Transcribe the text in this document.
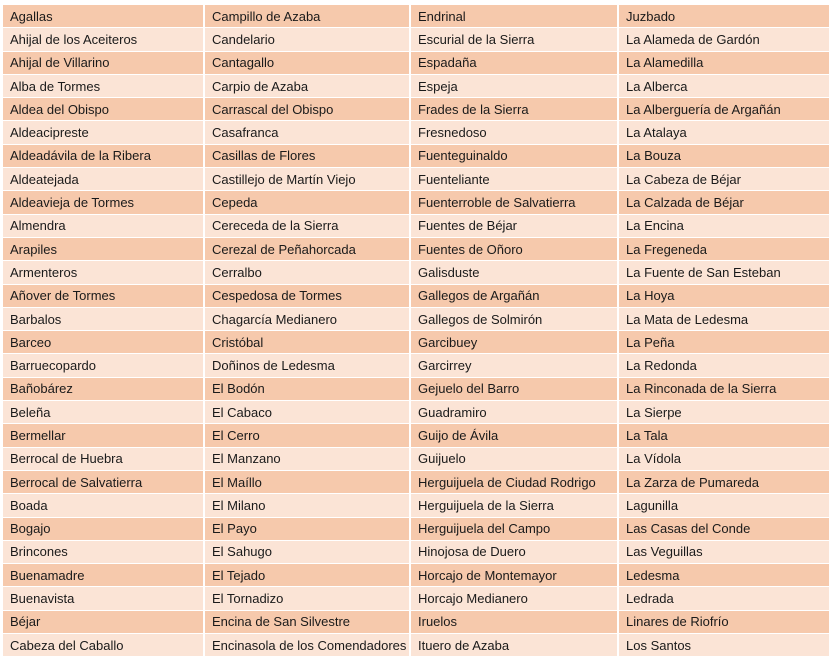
Agallas	Campillo de Azaba	Endrinal	Juzbado
Ahijal de los Aceiteros	Candelario	Escurial de la Sierra	La Alameda de Gardón
Ahijal de Villarino	Cantagallo	Espadaña	La Alamedilla
Alba de Tormes	Carpio de Azaba	Espeja	La Alberca
Aldea del Obispo	Carrascal del Obispo	Frades de la Sierra	La Alberguería de Argañán
Aldeacipreste	Casafranca	Fresnedoso	La Atalaya
Aldeadávila de la Ribera	Casillas de Flores	Fuenteguinaldo	La Bouza
Aldeatejada	Castillejo de Martín Viejo	Fuenteliante	La Cabeza de Béjar
Aldeavieja de Tormes	Cepeda	Fuenterroble de Salvatierra	La Calzada de Béjar
Almendra	Cereceda de la Sierra	Fuentes de Béjar	La Encina
Arapiles	Cerezal de Peñahorcada	Fuentes de Oñoro	La Fregeneda
Armenteros	Cerralbo	Galisduste	La Fuente de San Esteban
Añover de Tormes	Cespedosa de Tormes	Gallegos de Argañán	La Hoya
Barbalos	Chagarcía Medianero	Gallegos de Solmirón	La Mata de Ledesma
Barceo	Cristóbal	Garcibuey	La Peña
Barruecopardo	Doñinos de Ledesma	Garcirrey	La Redonda
Bañobárez	El Bodón	Gejuelo del Barro	La Rinconada de la Sierra
Beleña	El Cabaco	Guadramiro	La Sierpe
Bermellar	El Cerro	Guijo de Ávila	La Tala
Berrocal de Huebra	El Manzano	Guijuelo	La Vídola
Berrocal de Salvatierra	El Maíllo	Herguijuela de Ciudad Rodrigo	La Zarza de Pumareda
Boada	El Milano	Herguijuela de la Sierra	Lagunilla
Bogajo	El Payo	Herguijuela del Campo	Las Casas del Conde
Brincones	El Sahugo	Hinojosa de Duero	Las Veguillas
Buenamadre	El Tejado	Horcajo de Montemayor	Ledesma
Buenavista	El Tornadizo	Horcajo Medianero	Ledrada
Béjar	Encina de San Silvestre	Iruelos	Linares de Riofrío
Cabeza del Caballo	Encinasola de los Comendadores	Ituero de Azaba	Los Santos
